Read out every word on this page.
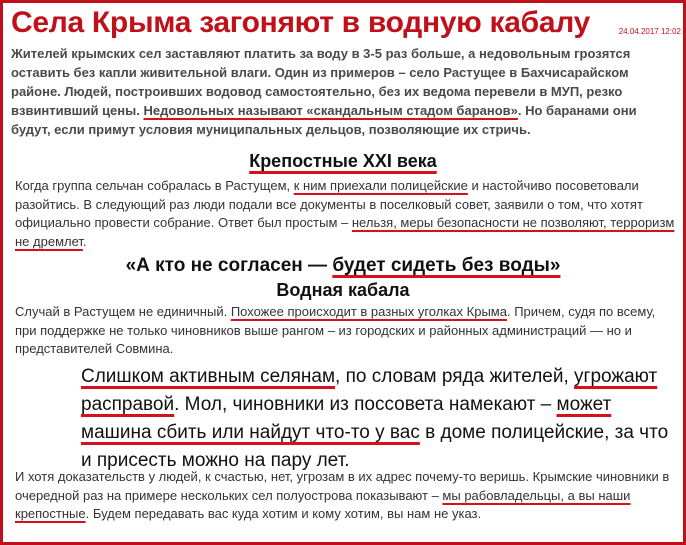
Села Крыма загоняют в водную кабалу	24.04.2017 12:02

Жителей крымских сел заставляют платить за воду в 3-5 раз больше, а недовольным грозятся оставить без капли живительной влаги. Один из примеров – село Растущее в Бахчисарайском районе. Людей, построивших водовод самостоятельно, без их ведома перевели в МУП, резко взвинтивший цены. Недовольных называют «скандальным стадом баранов». Но баранами они будут, если примут условия муниципальных дельцов, позволяющие их стричь.

Крепостные XXI века

Когда группа сельчан собралась в Растущем, к ним приехали полицейские и настойчиво посоветовали разойтись. В следующий раз люди подали все документы в поселковый совет, заявили о том, что хотят официально провести собрание. Ответ был простым – нельзя, меры безопасности не позволяют, терроризм не дремлет.

«А кто не согласен — будет сидеть без воды»
Водная кабала

Случай в Растущем не единичный. Похожее происходит в разных уголках Крыма. Причем, судя по всему, при поддержке не только чиновников выше рангом – из городских и районных администраций — но и представителей Совмина.

Слишком активным селянам, по словам ряда жителей, угрожают расправой. Мол, чиновники из поссовета намекают – может машина сбить или найдут что-то у вас в доме полицейские, за что и присесть можно на пару лет.

И хотя доказательств у людей, к счастью, нет, угрозам в их адрес почему-то веришь. Крымские чиновники в очередной раз на примере нескольких сел полуострова показывают – мы рабовладельцы, а вы наши крепостные. Будем передавать вас куда хотим и кому хотим, вы нам не указ.
